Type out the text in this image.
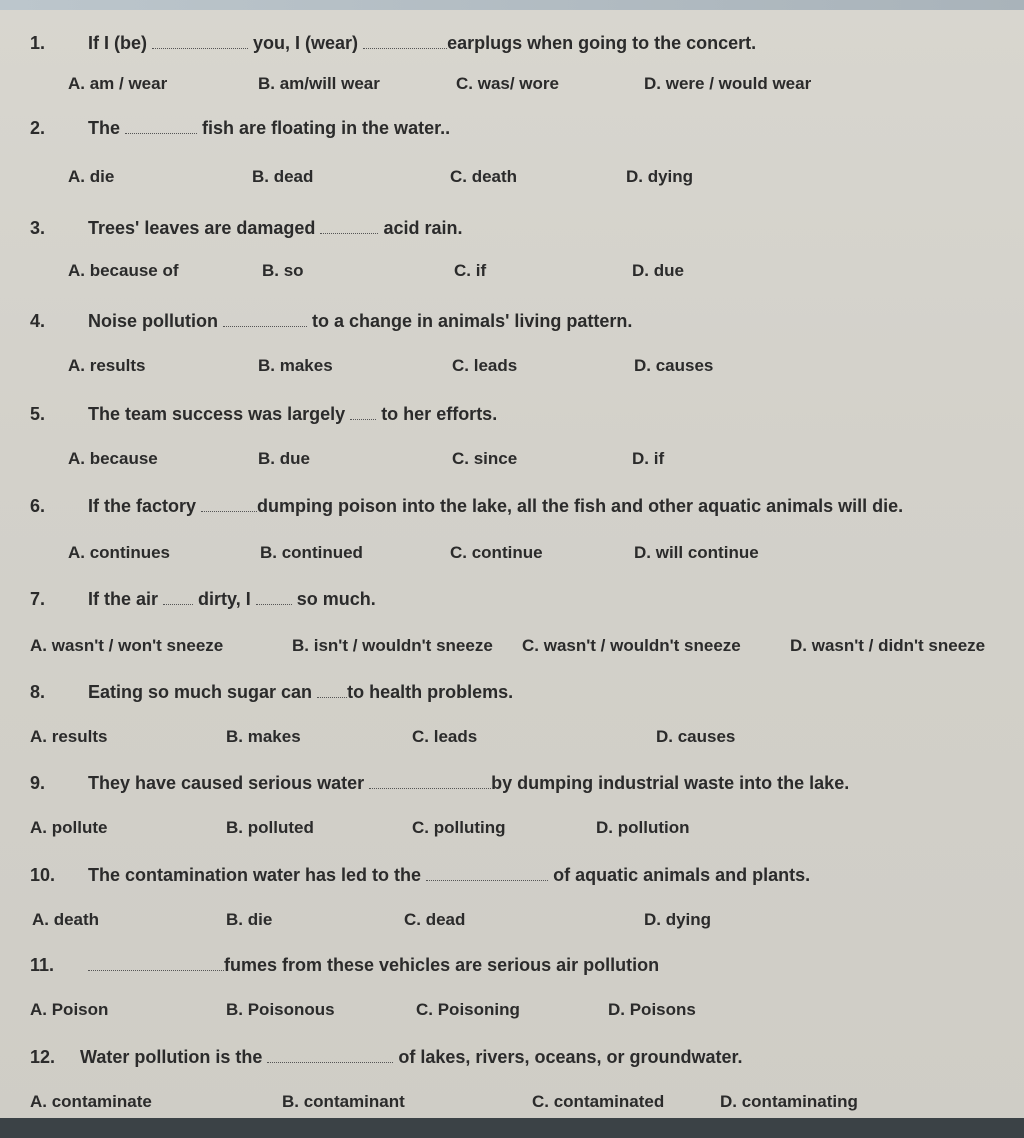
1. If I (be)	you, I (wear)	earplugs when going to the concert.
A. am / wear	B. am/will wear	C. was/ wore	D. were / would wear
2. The	fish are floating in the water..
A. die	B. dead	C. death	D. dying
3. Trees' leaves are damaged	acid rain.
A. because of	B. so	C. if	D. due
4. Noise pollution	to a change in animals' living pattern.
A. results	B. makes	C. leads	D. causes
5. The team success was largely to her efforts.
A. because	B. due	C. since	D. if
6. If the factory	dumping poison into the lake, all the fish and other aquatic animals will die.
A. continues	B. continued	C. continue	D. will continue
7. If the air dirty, I	so much.
A. wasn't / won't sneeze	B. isn't / wouldn't sneeze C. wasn't / wouldn't sneeze	D. wasn't / didn't sneeze
8. Eating so much sugar can to health problems.
A. results	B. makes	C. leads	D. causes
9. They have caused serious water	by dumping industrial waste into the lake.
A. pollute	B. polluted	C. polluting	D. pollution
10. The contamination water has led to the	of aquatic animals and plants.
A. death	B. die	C. dead	D. dying
11.	fumes from these vehicles are serious air pollution
A. Poison	B. Poisonous	C. Poisoning	D. Poisons
12. Water pollution is the	of lakes, rivers, oceans, or groundwater.
A. contaminate	B. contaminant	C. contaminated	D. contaminating
